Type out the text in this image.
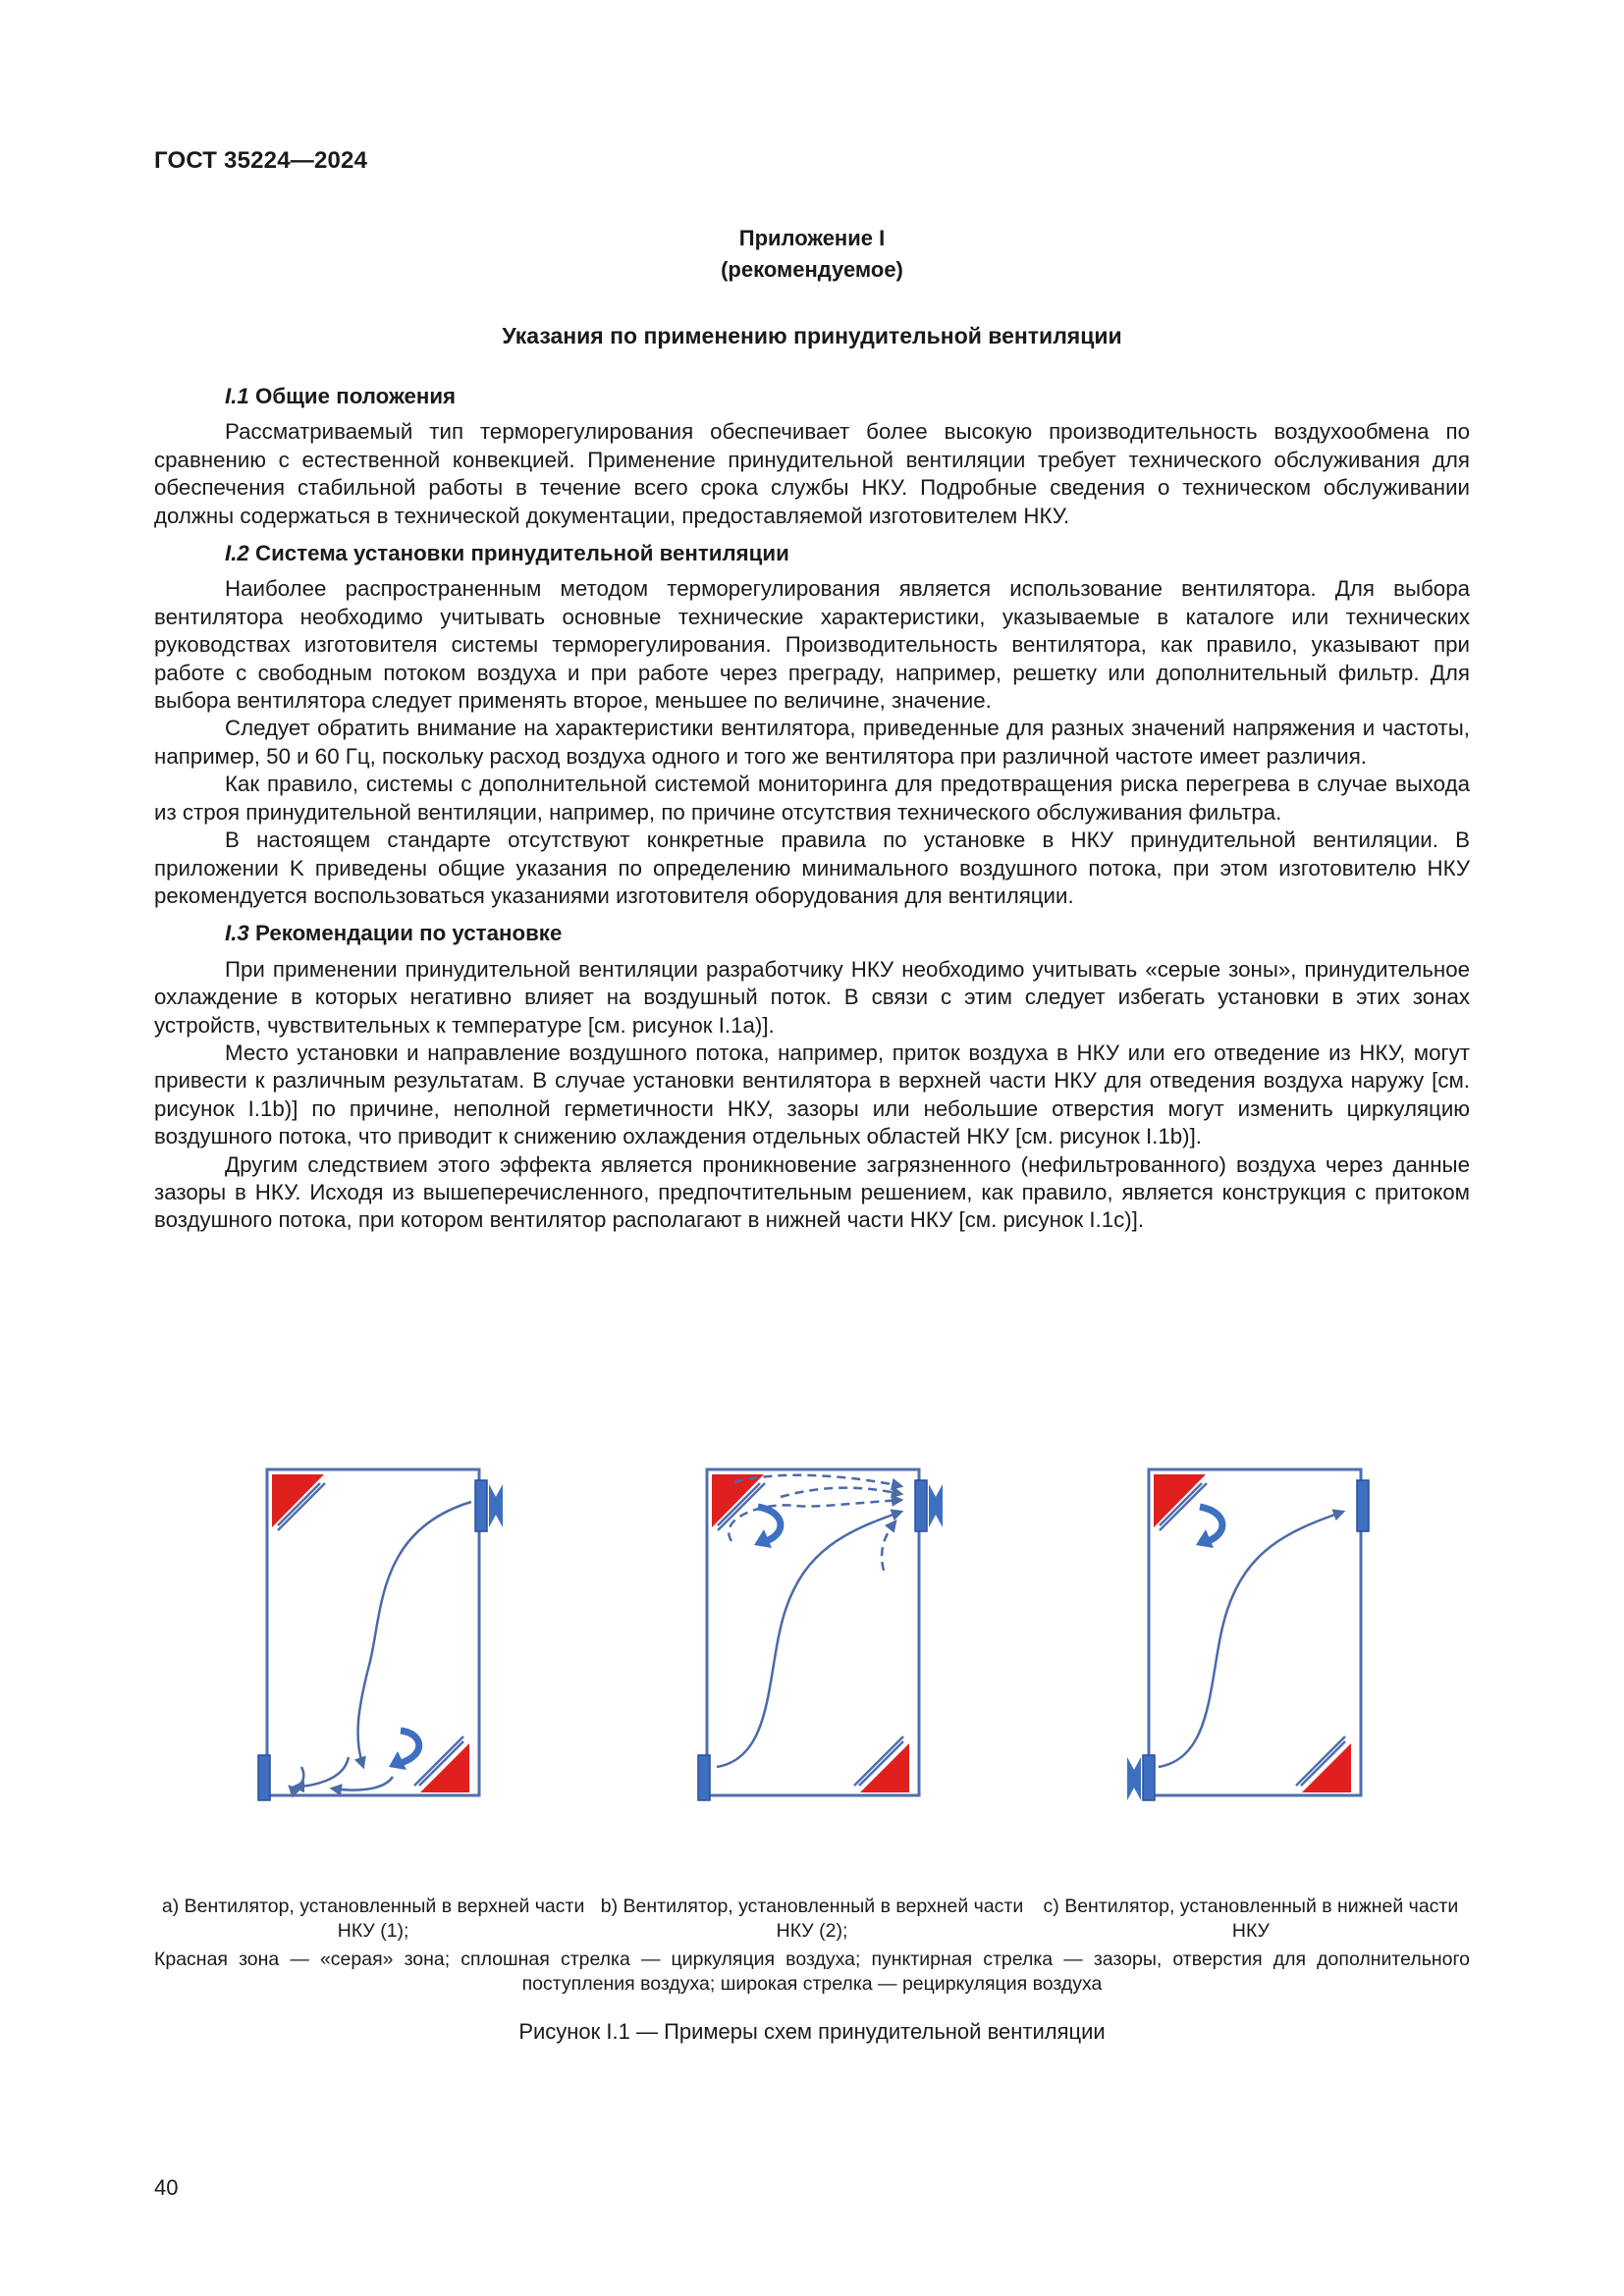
ГОСТ 35224—2024
Приложение I
(рекомендуемое)
Указания по применению принудительной вентиляции
I.1 Общие положения

Рассматриваемый тип терморегулирования обеспечивает более высокую производительность воздухообмена по сравнению с естественной конвекцией. Применение принудительной вентиляции требует технического обслуживания для обеспечения стабильной работы в течение всего срока службы НКУ. Подробные сведения о техническом обслуживании должны содержаться в технической документации, предоставляемой изготовителем НКУ.

I.2 Система установки принудительной вентиляции

Наиболее распространенным методом терморегулирования является использование вентилятора. Для выбора вентилятора необходимо учитывать основные технические характеристики, указываемые в каталоге или технических руководствах изготовителя системы терморегулирования. Производительность вентилятора, как правило, указывают при работе с свободным потоком воздуха и при работе через преграду, например, решетку или дополнительный фильтр. Для выбора вентилятора следует применять второе, меньшее по величине, значение.

Следует обратить внимание на характеристики вентилятора, приведенные для разных значений напряжения и частоты, например, 50 и 60 Гц, поскольку расход воздуха одного и того же вентилятора при различной частоте имеет различия.

Как правило, системы с дополнительной системой мониторинга для предотвращения риска перегрева в случае выхода из строя принудительной вентиляции, например, по причине отсутствия технического обслуживания фильтра.

В настоящем стандарте отсутствуют конкретные правила по установке в НКУ принудительной вентиляции. В приложении K приведены общие указания по определению минимального воздушного потока, при этом изготовителю НКУ рекомендуется воспользоваться указаниями изготовителя оборудования для вентиляции.

I.3 Рекомендации по установке

При применении принудительной вентиляции разработчику НКУ необходимо учитывать «серые зоны», принудительное охлаждение в которых негативно влияет на воздушный поток. В связи с этим следует избегать установки в этих зонах устройств, чувствительных к температуре [см. рисунок I.1a)].

Место установки и направление воздушного потока, например, приток воздуха в НКУ или его отведение из НКУ, могут привести к различным результатам. В случае установки вентилятора в верхней части НКУ для отведения воздуха наружу [см. рисунок I.1b)] по причине, неполной герметичности НКУ, зазоры или небольшие отверстия могут изменить циркуляцию воздушного потока, что приводит к снижению охлаждения отдельных областей НКУ [см. рисунок I.1b)].

Другим следствием этого эффекта является проникновение загрязненного (нефильтрованного) воздуха через данные зазоры в НКУ. Исходя из вышеперечисленного, предпочтительным решением, как правило, является конструкция с притоком воздушного потока, при котором вентилятор располагают в нижней части НКУ [см. рисунок I.1c)].

a) Вентилятор, установленный в верхней части НКУ (1);
b) Вентилятор, установленный в верхней части НКУ (2);
c) Вентилятор, установленный в нижней части НКУ
Красная зона — «серая» зона; сплошная стрелка — циркуляция воздуха; пунктирная стрелка — зазоры, отверстия для дополнительного поступления воздуха; широкая стрелка — рециркуляция воздуха
Рисунок I.1 — Примеры схем принудительной вентиляции
40
